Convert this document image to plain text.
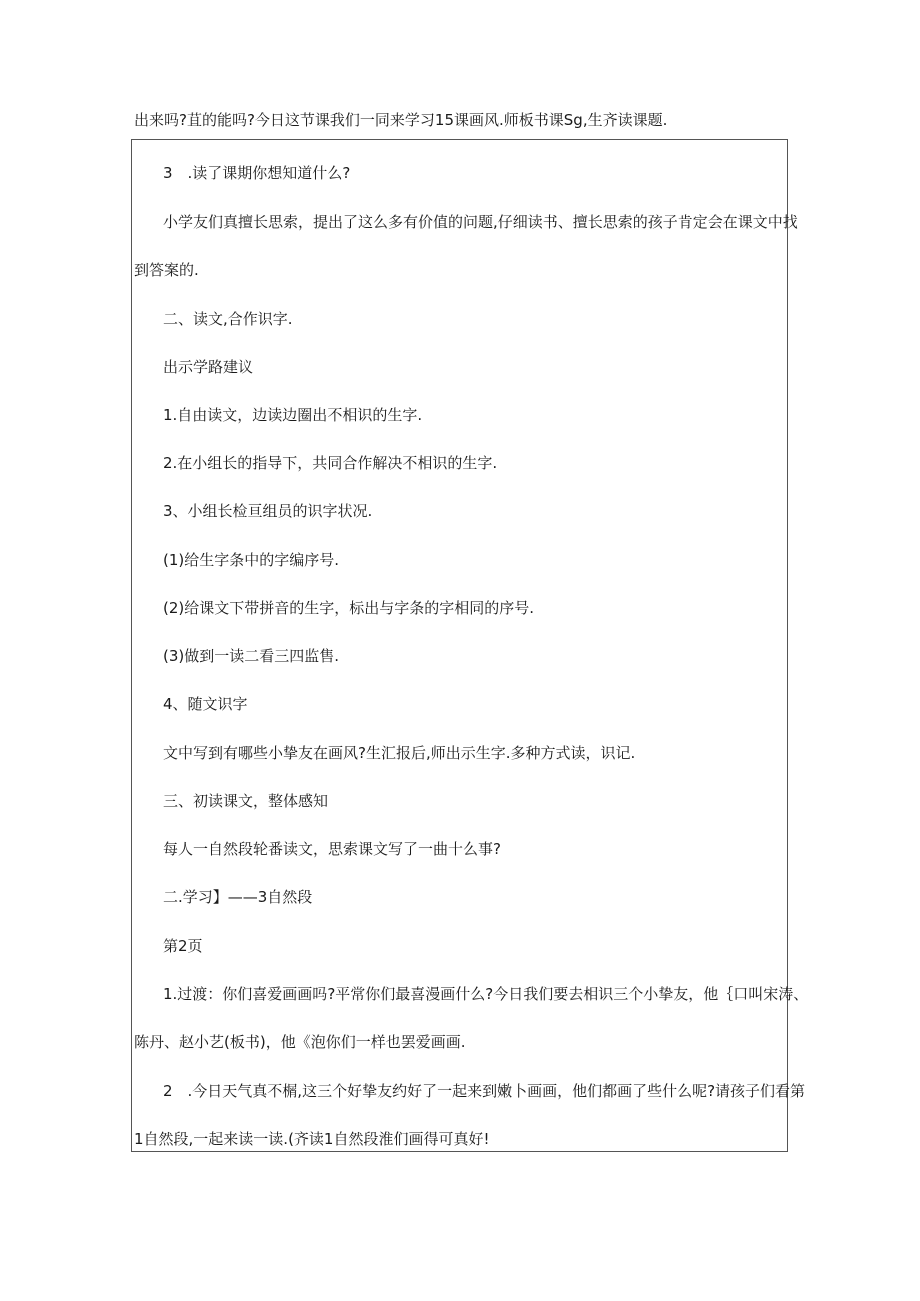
出来吗?苴的能吗?今日这节课我们一同来学习15课画风.师板书课Sg,生齐读课题.

3　.读了课期你想知道什么?

小学友们真擅长思索，提出了这么多有价值的问题,仔细读书、擅长思索的孩子肯定会在课文中找

到答案的.

二、读文,合作识字.

出示学路建议

1.自由读文，边读边圈出不相识的生字.

2.在小组长的指导下，共同合作解决不相识的生字.

3、小组长检亘组员的识字状况.

(1)给生字条中的字编序号.

(2)给课文下带拼音的生字，标出与字条的字相同的序号.

(3)做到一读二看三四监售.

4、随文识字

文中写到有哪些小挚友在画风?生汇报后,师出示生字.多种方式读，识记.

三、初读课文，整体感知

每人一自然段轮番读文，思索课文写了一曲十么事?

二.学习】——3自然段

第2页

1.过渡：你们喜爱画画吗?平常你们最喜漫画什么?今日我们要去相识三个小挚友，他｛口叫宋涛、

陈丹、赵小艺(板书)，他《泡你们一样也罢爱画画.

2　.今日天气真不榍,这三个好挚友约好了一起来到嫩卜画画，他们都画了些什么呢?请孩子们看第

1自然段,一起来读一读.(齐读1自然段淮们画得可真好!
